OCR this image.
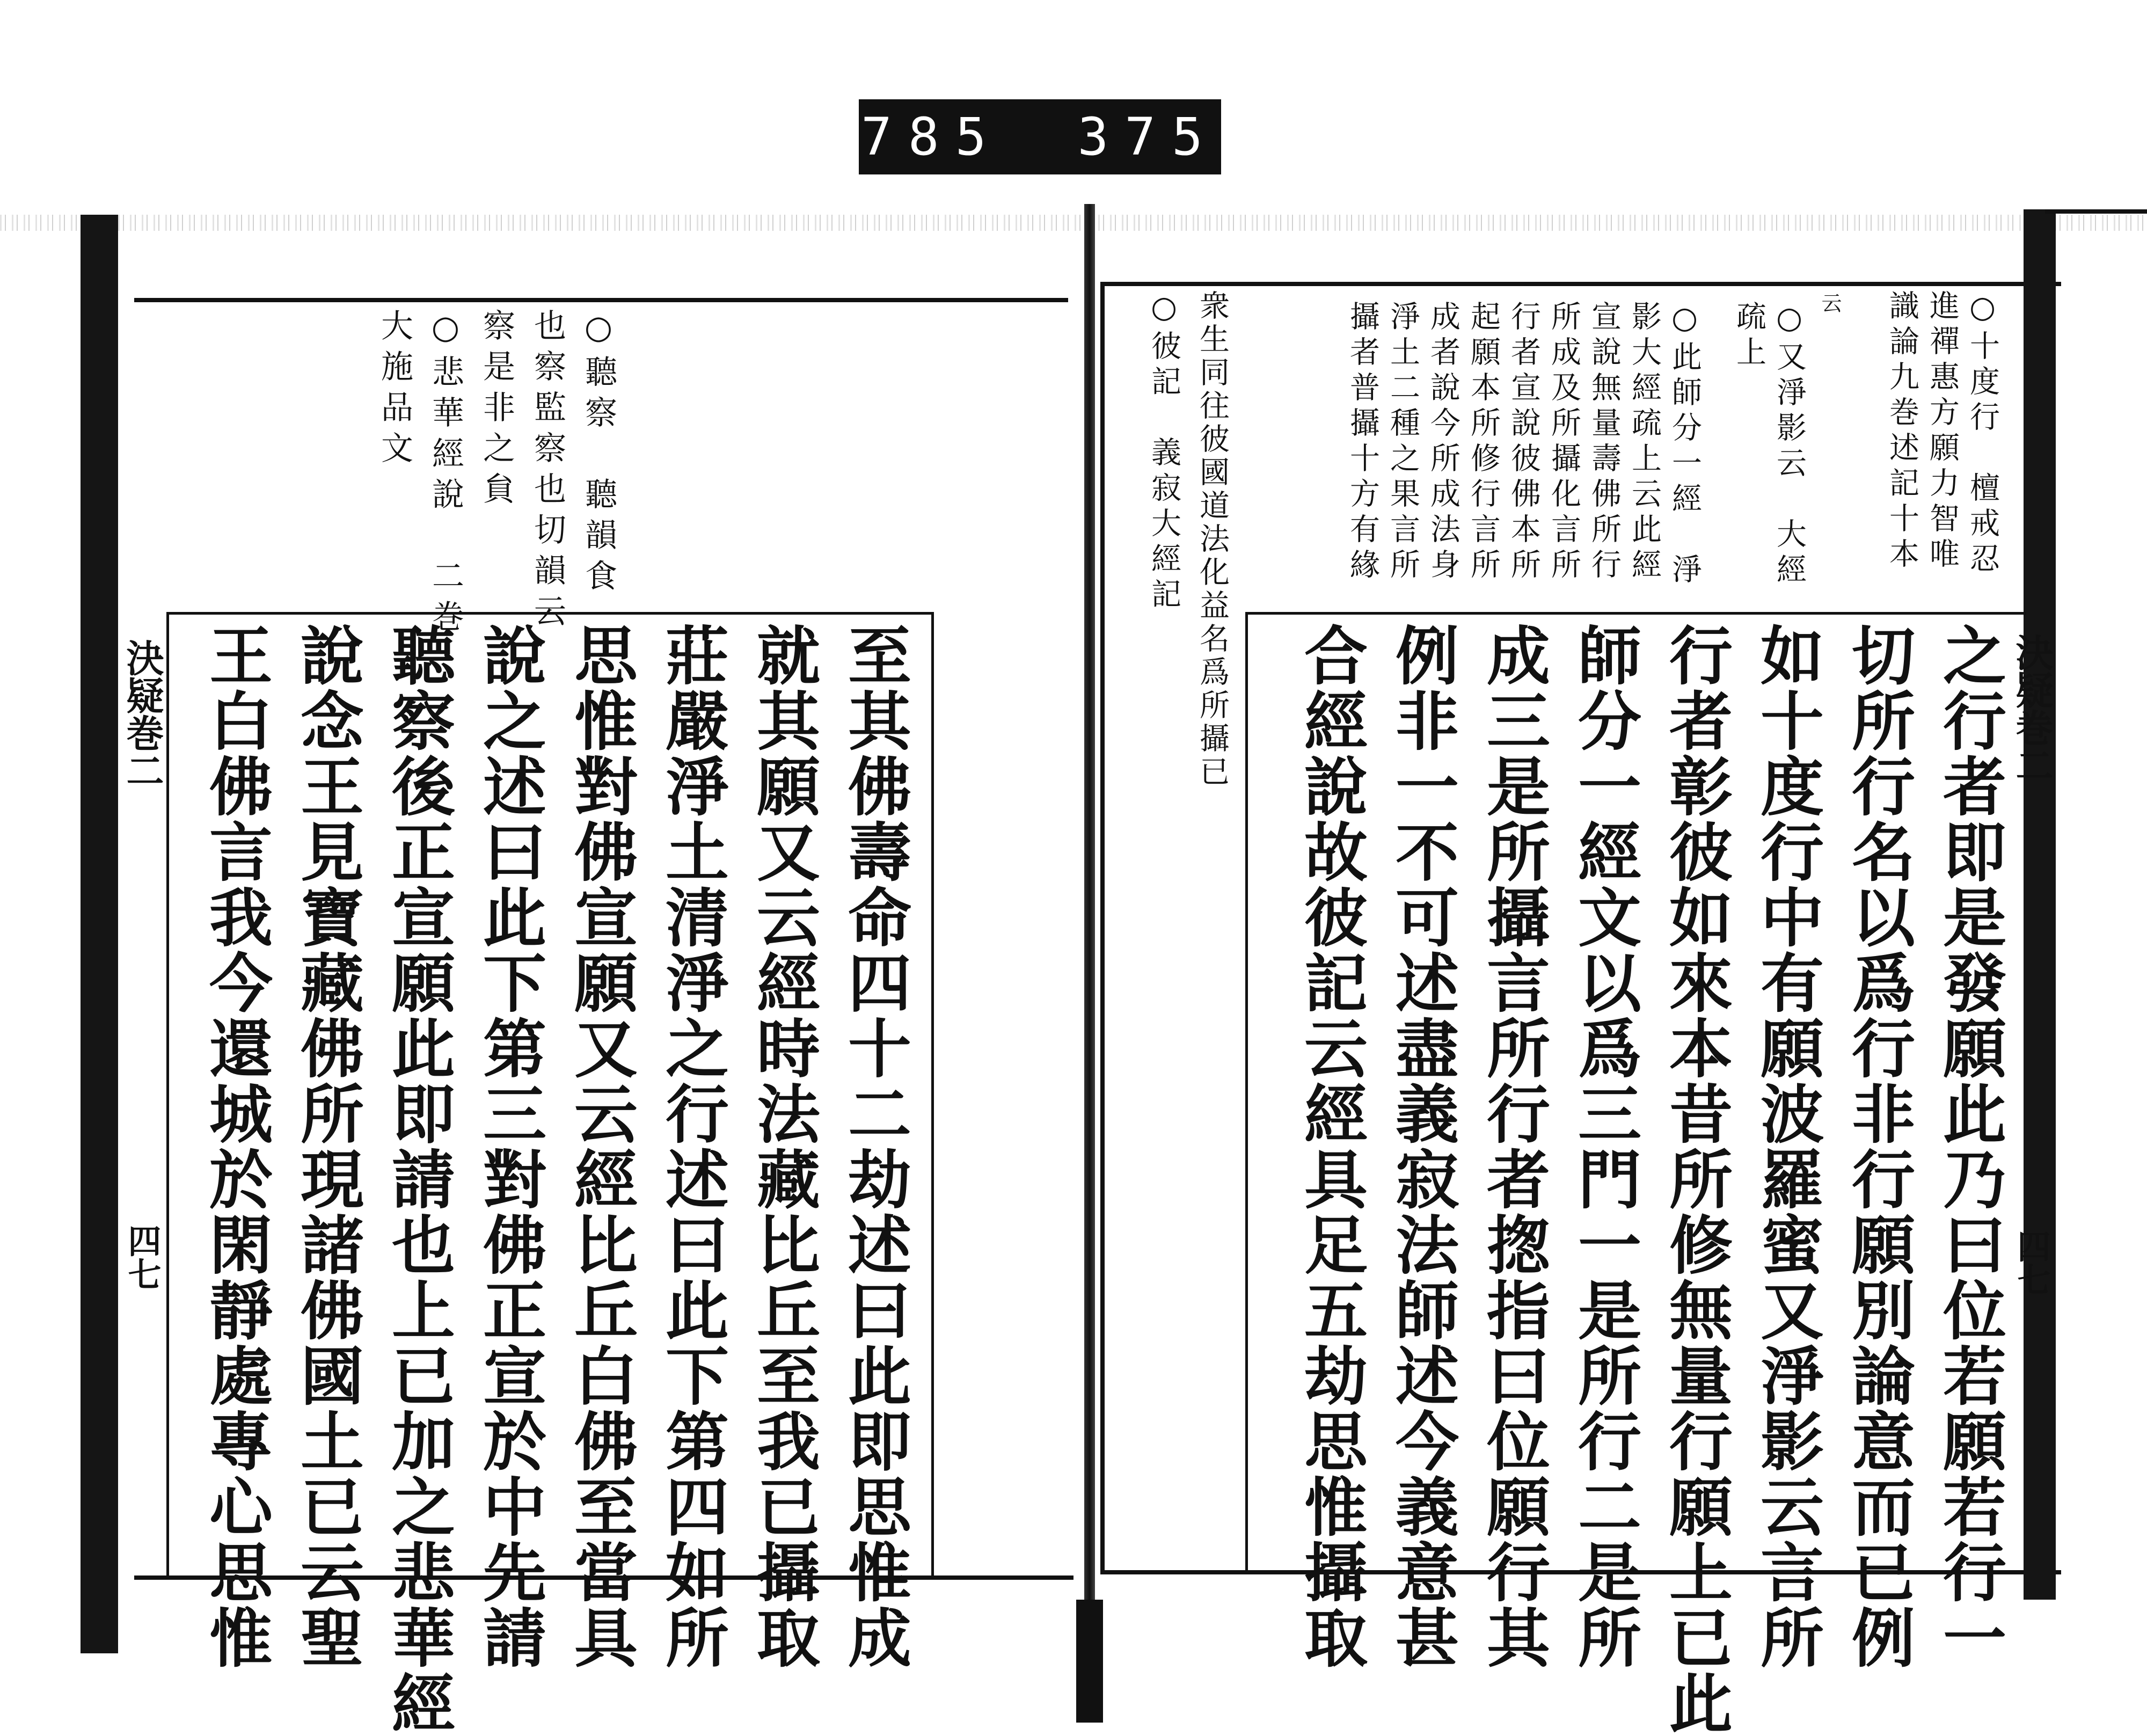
785 375
決疑巻二
四七
○聽察　聽韻食
也察監察也切韻云
察是非之貟
○悲華經說　二巻
大施品文
至其佛壽命四十二劫述曰此即思惟成
就其願又云經時法藏比丘至我已攝取
莊嚴淨土清淨之行述曰此下第四如所
思惟對佛宣願又云經比丘白佛至當具
說之述曰此下第三對佛正宣於中先請
聽察後正宣願此即請也上已加之悲華經
說念王見寶藏佛所現諸佛國土已云聖
王白佛言我今還城於閑靜處專心思惟	決疑巻二
四七
○十度行　檀戒忍
進禪惠方願力智唯
識論九巻述記十本
云
○又淨影云　大經
疏上
○此師分一經　淨
影大經疏上云此經
宣說無量壽佛所行
所成及所攝化言所
行者宣說彼佛本所
起願本所修行言所
成者說今所成法身
淨土二種之果言所
攝者普攝十方有緣
衆生同往彼國道法化益名爲所攝已
○彼記　義寂大經記
之行者即是發願此乃曰位若願若行一
切所行名以爲行非行願別論意而已例
如十度行中有願波羅蜜又淨影云言所
行者彰彼如來本昔所修無量行願上已此
師分一經文以爲三門一是所行二是所
成三是所攝言所行者揔指曰位願行其
例非一不可述盡義寂法師述今義意甚
合經說故彼記云經具足五劫思惟攝取
